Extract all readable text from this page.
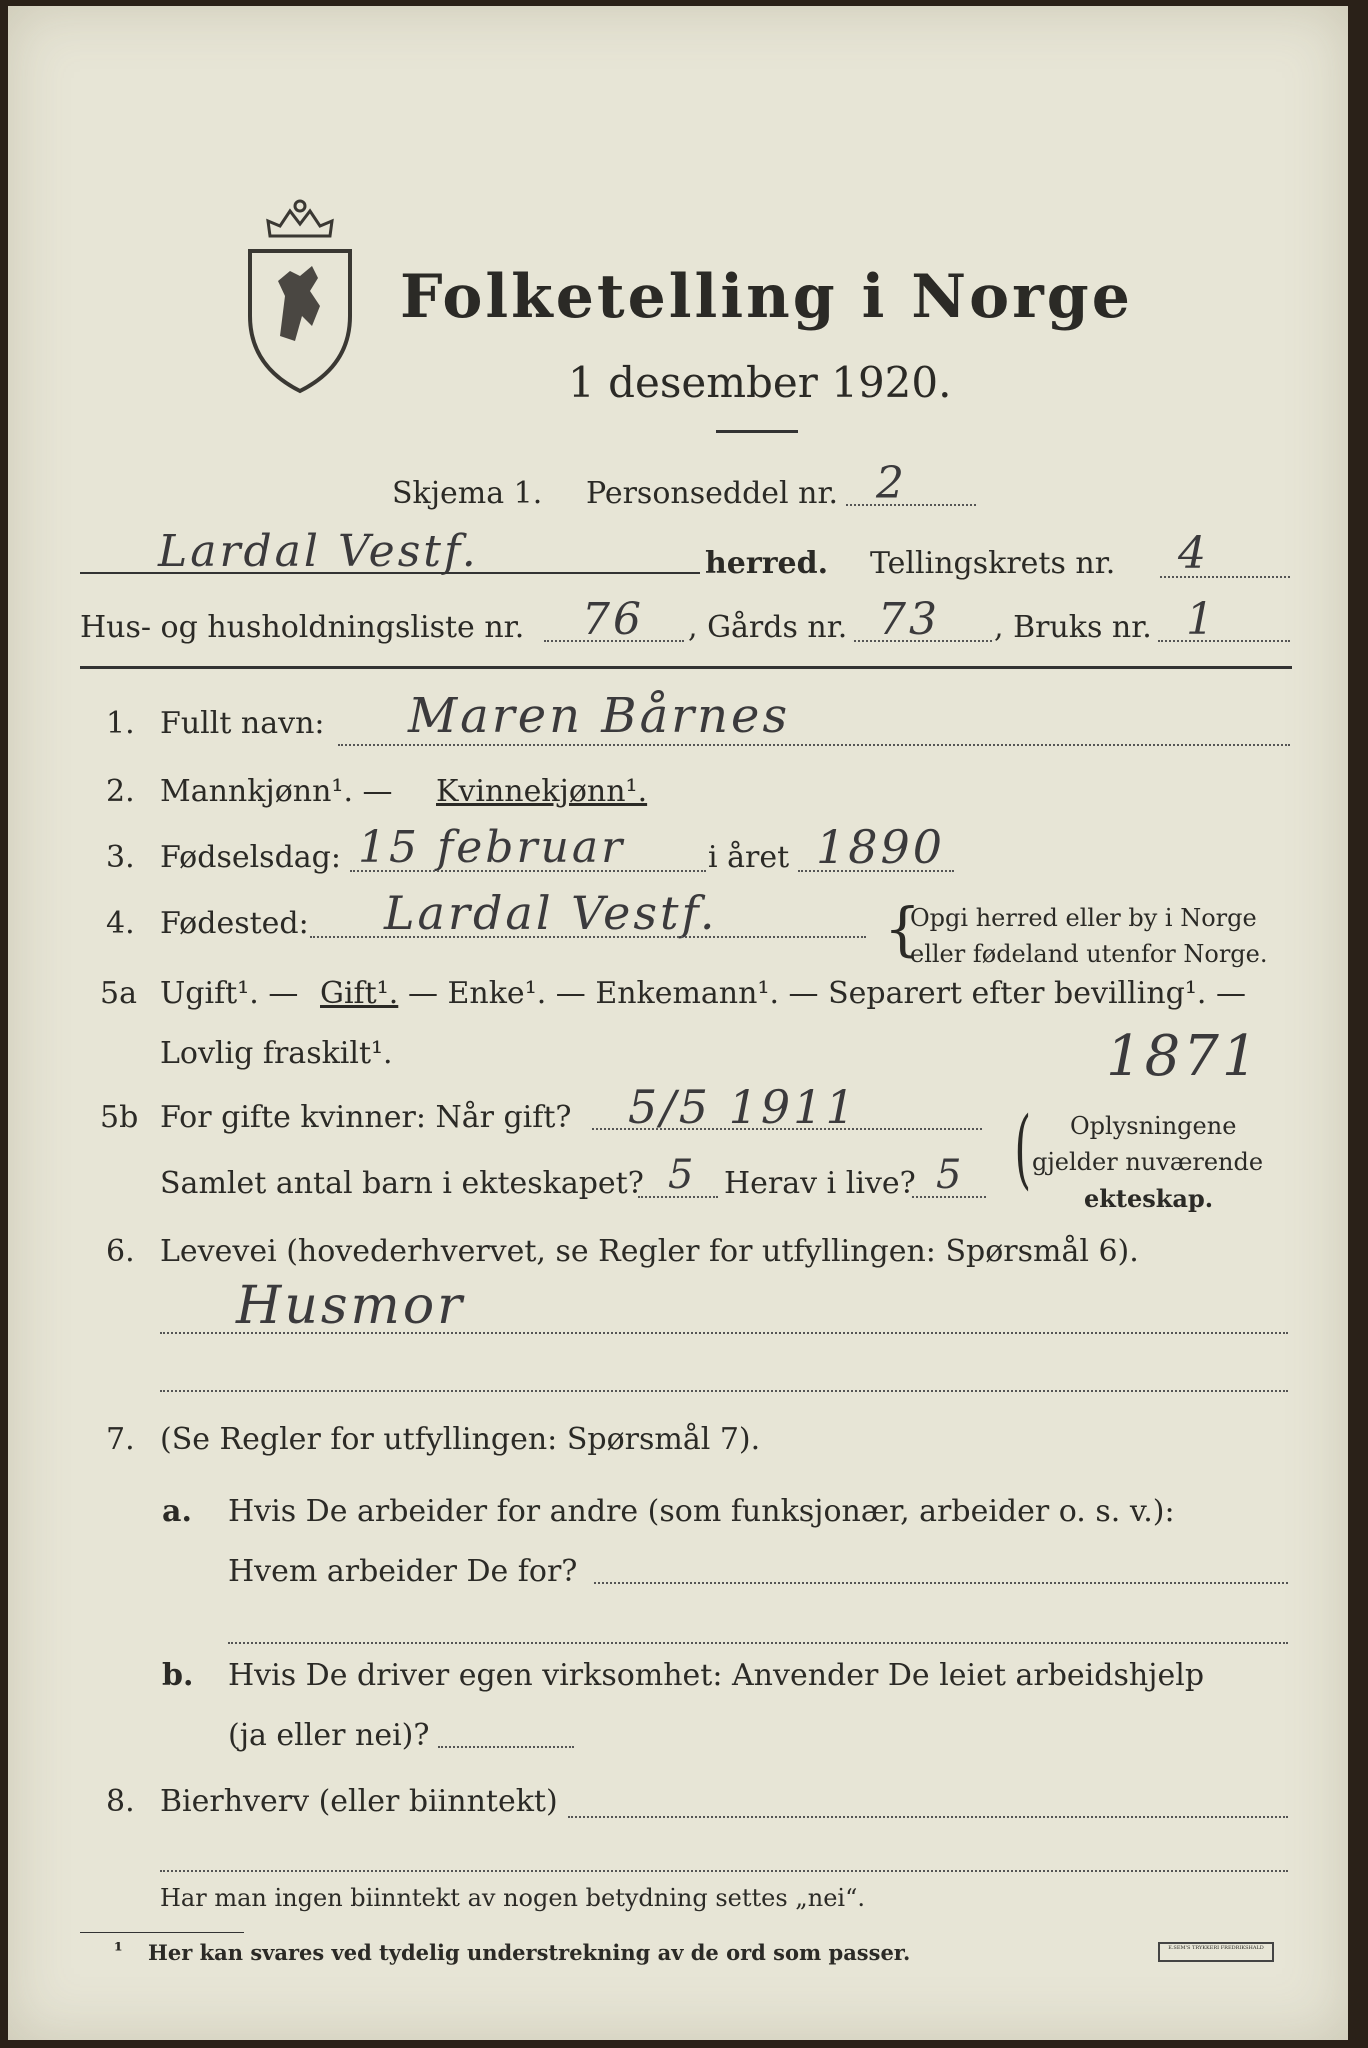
Folketelling i Norge
1 desember 1920.
Skjema 1. Personseddel nr. 2
Lardal Vestf.	herred. Tellingskrets nr. 4
Hus- og husholdningsliste nr. 76 , Gårds nr. 73 , Bruks nr. 1
1. Fullt navn: Maren Bårnes
2. Mannkjønn¹. — Kvinnekjønn¹.
3. Fødselsdag: 15 februar	i året 1890
4. Fødested: Lardal Vestf.	{
Opgi herred eller by i Norge
eller fødeland utenfor Norge.
5a Ugift¹. — Gift¹. — Enke¹. — Enkemann¹. — Separert efter bevilling¹. —
Lovlig fraskilt¹.	1871
5b For gifte kvinner: Når gift? 5/5 1911
Samlet antal barn i ekteskapet? 5 Herav i live? 5 ( Oplysningene
gjelder nuværende
ekteskap.
6. Levevei (hovederhvervet, se Regler for utfyllingen: Spørsmål 6).
Husmor
7. (Se Regler for utfyllingen: Spørsmål 7).
a. Hvis De arbeider for andre (som funksjonær, arbeider o. s. v.):
Hvem arbeider De for?
b. Hvis De driver egen virksomhet: Anvender De leiet arbeidshjelp
(ja eller nei)?
8. Bierhverv (eller biinntekt)
Har man ingen biinntekt av nogen betydning settes „nei“.
¹ Her kan svares ved tydelig understrekning av de ord som passer.	E.SEM'S TRYKKERI FREDRIKSHALD
